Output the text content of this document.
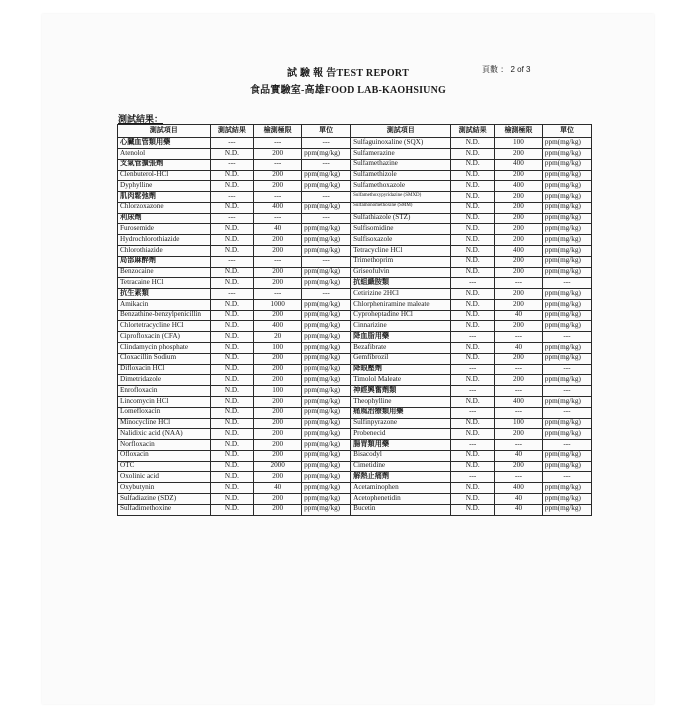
試 驗 報 告TEST REPORT
食品實驗室-高雄FOOD LAB-KAOHSIUNG
頁數 ： 2 of 3
測試結果：
測試項目	測試結果	檢測極限	單位	測試項目	測試結果	檢測極限	單位
心臟血管類用藥	---	---	---	Sulfaguinoxaline (SQX)	N.D.	100	ppm(mg/kg)
Atenolol	N.D.	200	ppm(mg/kg)	Sulfamerazine	N.D.	200	ppm(mg/kg)
支氣管擴張劑	---	---	---	Sulfamethazine	N.D.	400	ppm(mg/kg)
Clenbuterol-HCl	N.D.	200	ppm(mg/kg)	Sulfamethizole	N.D.	200	ppm(mg/kg)
Dyphylline	N.D.	200	ppm(mg/kg)	Sulfamethoxazole	N.D.	400	ppm(mg/kg)
肌肉鬆弛劑	---	---	---	Sulfamethoxypyridazine (SMXD)	N.D.	200	ppm(mg/kg)
Chlorzoxazone	N.D.	400	ppm(mg/kg)	Sulfamonomethoxine (SMM)	N.D.	200	ppm(mg/kg)
利尿劑	---	---	---	Sulfathiazole (STZ)	N.D.	200	ppm(mg/kg)
Furosemide	N.D.	40	ppm(mg/kg)	Sulfisomidine	N.D.	200	ppm(mg/kg)
Hydrochlorothiazide	N.D.	200	ppm(mg/kg)	Sulfisoxazole	N.D.	200	ppm(mg/kg)
Chlorothiazide	N.D.	200	ppm(mg/kg)	Tetracycline HCl	N.D.	400	ppm(mg/kg)
局部麻醉劑	---	---	---	Trimethoprim	N.D.	200	ppm(mg/kg)
Benzocaine	N.D.	200	ppm(mg/kg)	Griseofulvin	N.D.	200	ppm(mg/kg)
Tetracaine HCl	N.D.	200	ppm(mg/kg)	抗組織胺類	---	---	---
抗生素類	---	---	---	Cetirizine 2HCl	N.D.	200	ppm(mg/kg)
Amikacin	N.D.	1000	ppm(mg/kg)	Chlorpheniramine maleate	N.D.	200	ppm(mg/kg)
Benzathine-benzylpenicillin	N.D.	200	ppm(mg/kg)	Cyproheptadine HCl	N.D.	40	ppm(mg/kg)
Chlortetracycline HCl	N.D.	400	ppm(mg/kg)	Cinnarizine	N.D.	200	ppm(mg/kg)
Ciprofloxacin (CFA)	N.D.	20	ppm(mg/kg)	降血脂用藥	---	---	---
Clindamycin phosphate	N.D.	100	ppm(mg/kg)	Bezafibrate	N.D.	40	ppm(mg/kg)
Cloxacillin Sodium	N.D.	200	ppm(mg/kg)	Gemfibrozil	N.D.	200	ppm(mg/kg)
Difloxacin HCl	N.D.	200	ppm(mg/kg)	降眼壓劑	---	---	---
Dimetridazole	N.D.	200	ppm(mg/kg)	Timolol Maleate	N.D.	200	ppm(mg/kg)
Enrofloxacin	N.D.	100	ppm(mg/kg)	神經興奮劑類	---	---	---
Lincomycin HCl	N.D.	200	ppm(mg/kg)	Theophylline	N.D.	400	ppm(mg/kg)
Lomefloxacin	N.D.	200	ppm(mg/kg)	痛風治療類用藥	---	---	---
Minocycline HCl	N.D.	200	ppm(mg/kg)	Sulfinpyrazone	N.D.	100	ppm(mg/kg)
Nalidixic acid (NAA)	N.D.	200	ppm(mg/kg)	Probenecid	N.D.	200	ppm(mg/kg)
Norfloxacin	N.D.	200	ppm(mg/kg)	腸胃類用藥	---	---	---
Ofloxacin	N.D.	200	ppm(mg/kg)	Bisacodyl	N.D.	40	ppm(mg/kg)
OTC	N.D.	2000	ppm(mg/kg)	Cimetidine	N.D.	200	ppm(mg/kg)
Oxolinic acid	N.D.	200	ppm(mg/kg)	解熱止痛劑	---	---	---
Oxybutynin	N.D.	40	ppm(mg/kg)	Acetaminophen	N.D.	400	ppm(mg/kg)
Sulfadiazine (SDZ)	N.D.	200	ppm(mg/kg)	Acetophenetidin	N.D.	40	ppm(mg/kg)
Sulfadimethoxine	N.D.	200	ppm(mg/kg)	Bucetin	N.D.	40	ppm(mg/kg)
